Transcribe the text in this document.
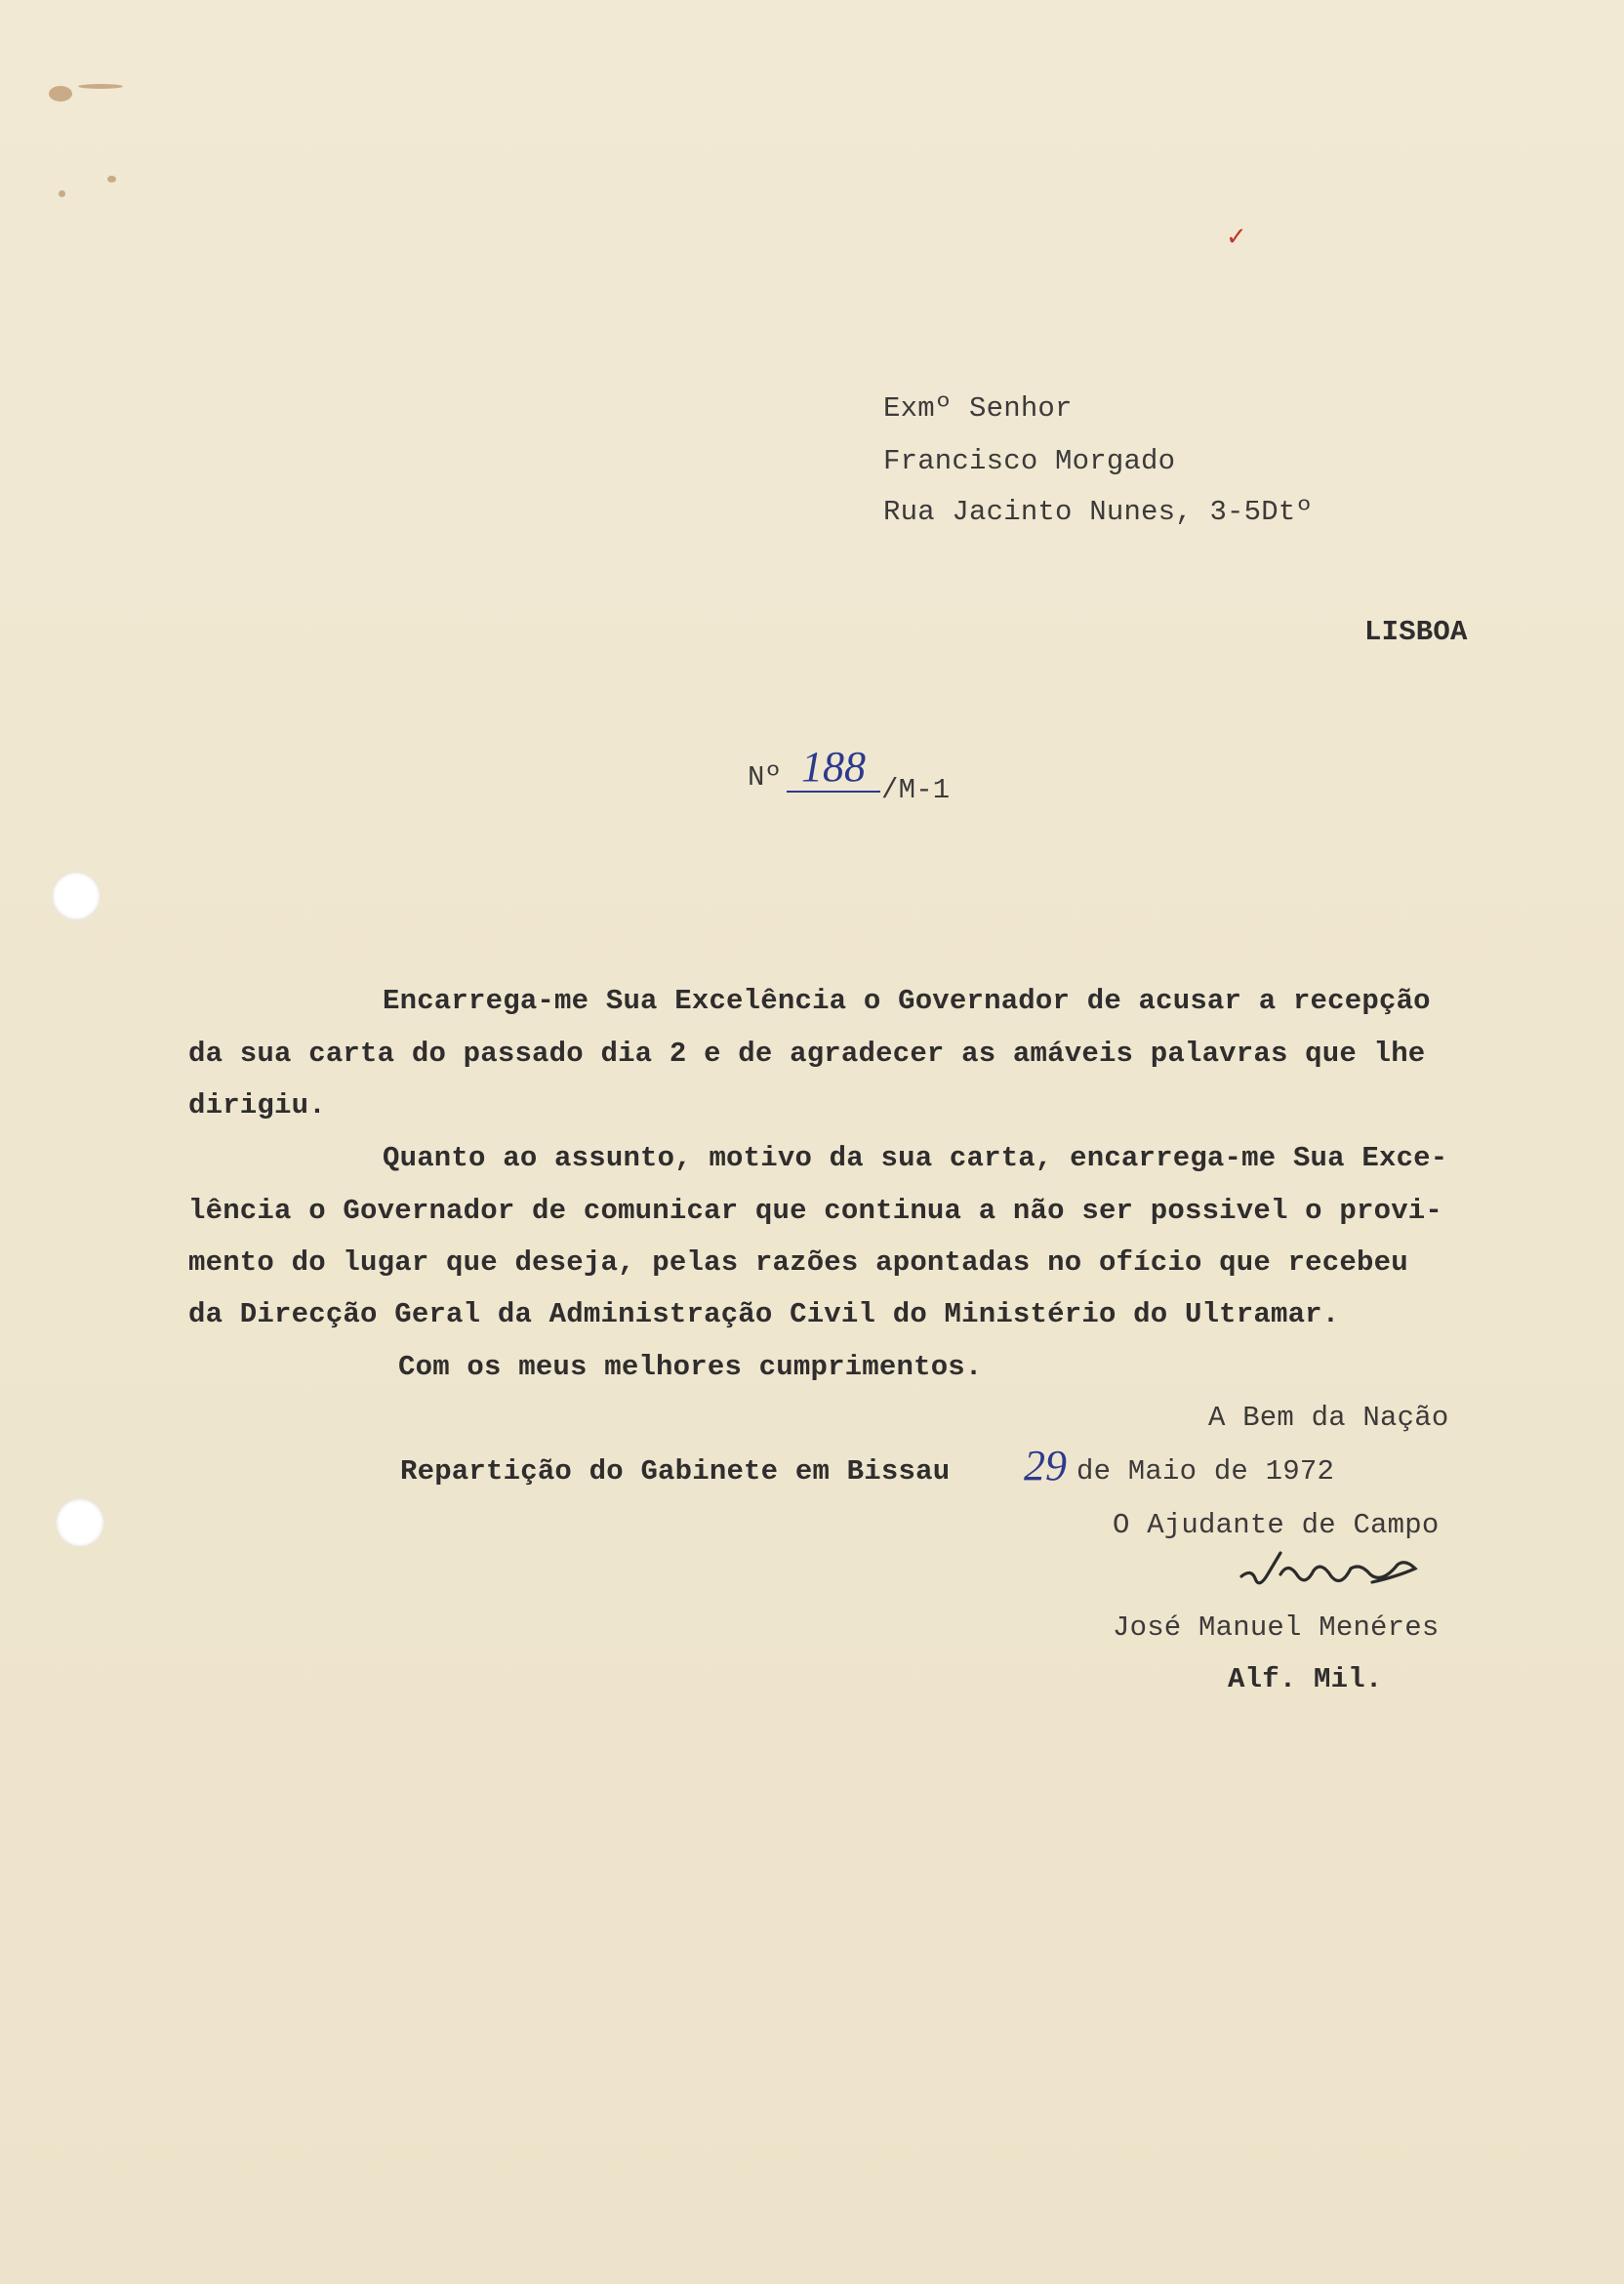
✓
Exmº Senhor
Francisco Morgado
Rua Jacinto Nunes, 3-5Dtº
LISBOA
Nº 188 /M-1
Encarrega-me Sua Excelência o Governador de acusar a recepção
da sua carta do passado dia 2 e de agradecer as amáveis palavras que lhe
dirigiu.
Quanto ao assunto, motivo da sua carta, encarrega-me Sua Exce-
lência o Governador de comunicar que continua a não ser possivel o provi-
mento do lugar que deseja, pelas razões apontadas no ofício que recebeu
da Direcção Geral da Administração Civil do Ministério do Ultramar.
Com os meus melhores cumprimentos.
A Bem da Nação
Repartição do Gabinete em Bissau 29 de Maio de 1972
O Ajudante de Campo
José Manuel Menéres
Alf. Mil.
